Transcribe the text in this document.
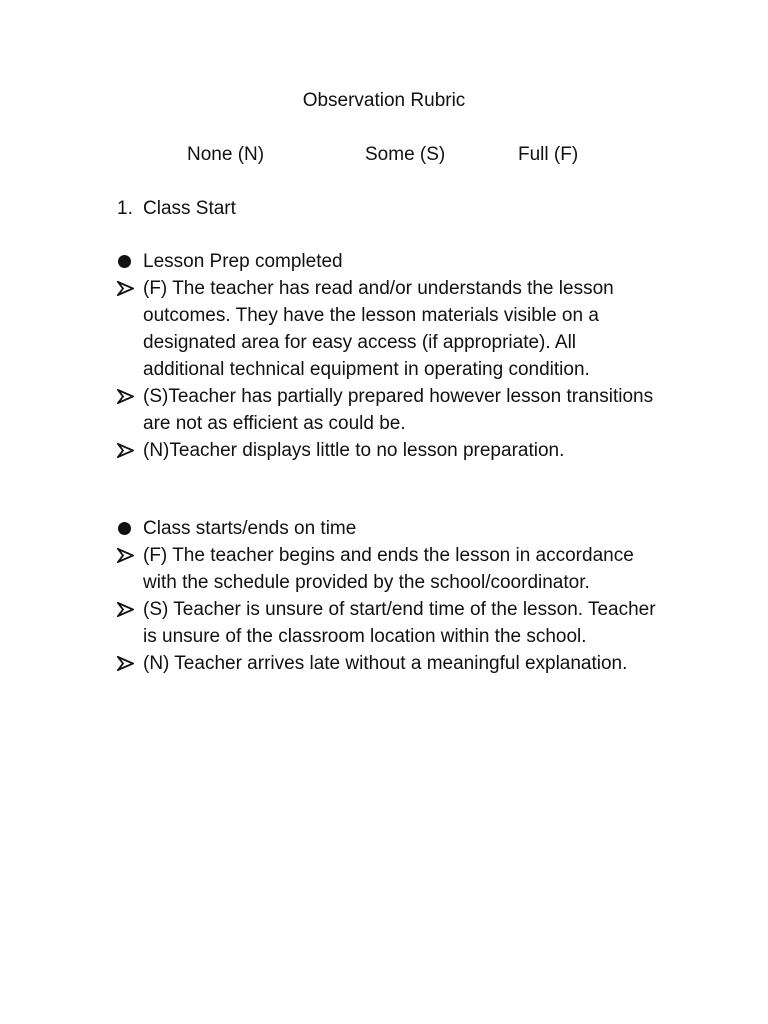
Observation Rubric
None (N)	Some (S)	Full (F)
1. Class Start
Lesson Prep completed
(F) The teacher has read and/or understands the lesson outcomes. They have the lesson materials visible on a designated area for easy access (if appropriate). All additional technical equipment in operating condition.
(S)Teacher has partially prepared however lesson transitions are not as efficient as could be.
(N)Teacher displays little to no lesson preparation.
Class starts/ends on time
(F) The teacher begins and ends the lesson in accordance with the schedule provided by the school/coordinator.
(S) Teacher is unsure of start/end time of the lesson. Teacher is unsure of the classroom location within the school.
(N) Teacher arrives late without a meaningful explanation.
